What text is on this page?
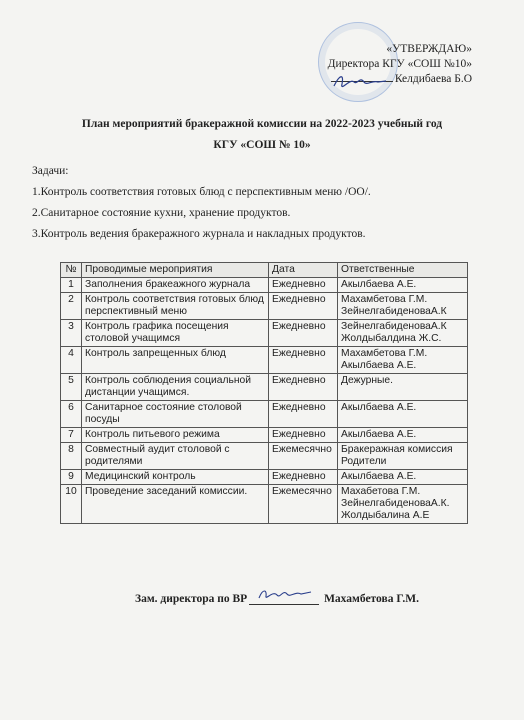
«УТВЕРЖДАЮ»
Директора КГУ «СОШ №10»
Келдибаева Б.О
План мероприятий бракеражной комиссии на 2022-2023 учебный год
КГУ «СОШ № 10»
Задачи:
1.Контроль соответствия готовых блюд с перспективным меню /ОО/.
2.Санитарное состояние кухни, хранение продуктов.
3.Контроль ведения бракеражного журнала и накладных продуктов.
№	Проводимые мероприятия	Дата	Ответственные
1	Заполнения бракеажного журнала	Ежедневно	Акылбаева А.Е.
2	Контроль соответствия готовых блюд перспективный меню	Ежедневно	Махамбетова Г.М. ЗейнелгабиденоваА.К
3	Контроль графика посещения столовой учащимся	Ежедневно	ЗейнелгабиденоваА.К Жолдыбалдина Ж.С.
4	Контроль запрещенных блюд	Ежедневно	Махамбетова Г.М. Акылбаева А.Е.
5	Контроль соблюдения социальной дистанции учащимся.	Ежедневно	Дежурные.
6	Санитарное состояние столовой посуды	Ежедневно	Акылбаева А.Е.
7	Контроль питьевого режима	Ежедневно	Акылбаева А.Е.
8	Совместный аудит столовой с родителями	Ежемесячно	Бракеражная комиссия Родители
9	Медицинский контроль	Ежедневно	Акылбаева А.Е.
10	Проведение заседаний комиссии.	Ежемесячно	Махабетова Г.М. ЗейнелгабиденоваА.К. Жолдыбалина А.Е
Зам. директора по ВР	Махамбетова Г.М.
